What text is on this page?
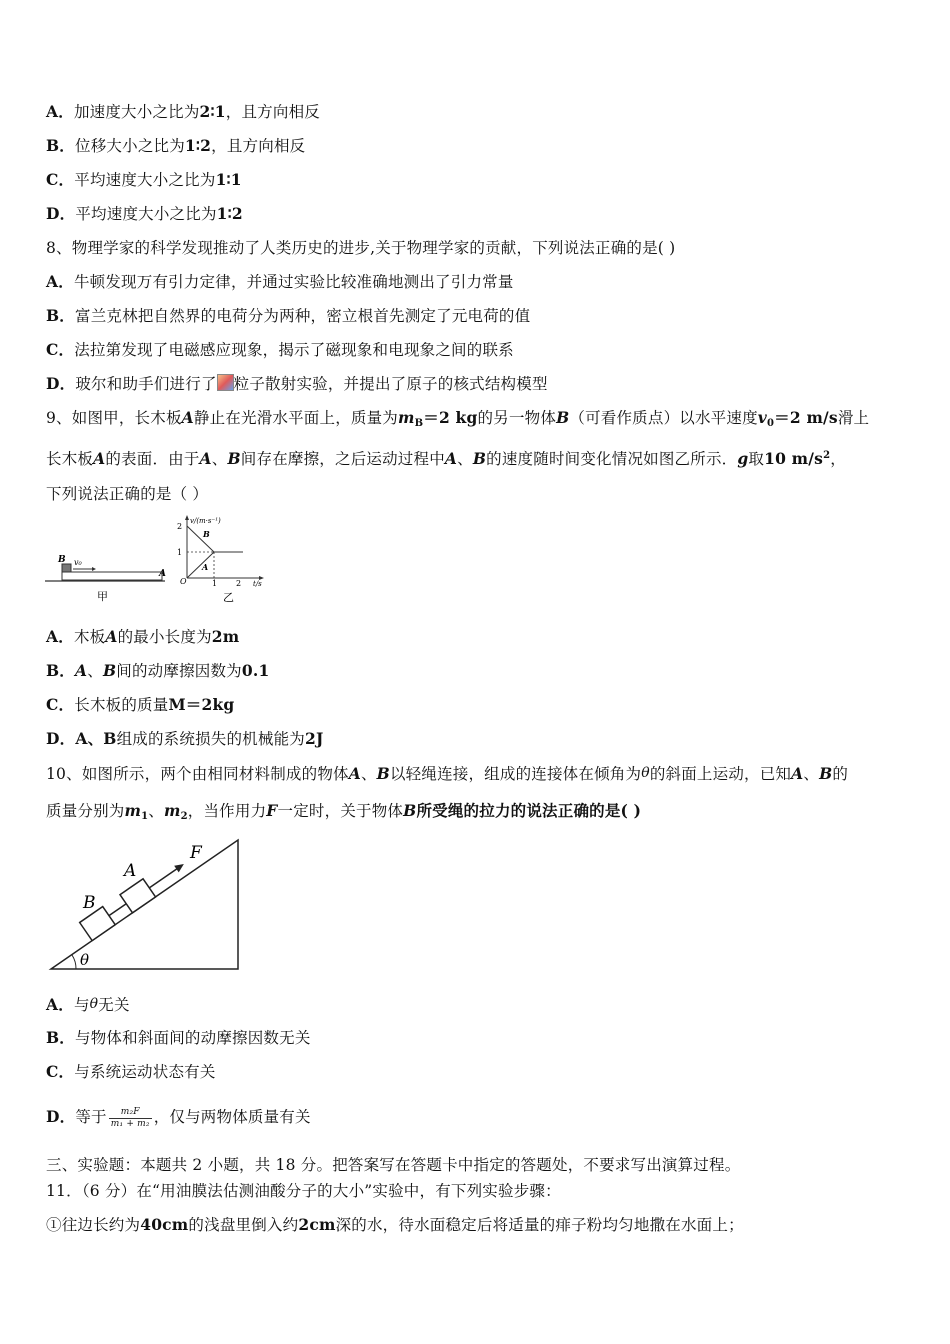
A．加速度大小之比为2∶1，且方向相反
B．位移大小之比为1∶2，且方向相反
C．平均速度大小之比为1∶1
D．平均速度大小之比为1∶2
8、物理学家的科学发现推动了人类历史的进步,关于物理学家的贡献，下列说法正确的是( )
A．牛顿发现万有引力定律，并通过实验比较准确地测出了引力常量
B．富兰克林把自然界的电荷分为两种，密立根首先测定了元电荷的值
C．法拉第发现了电磁感应现象，揭示了磁现象和电现象之间的联系
D．玻尔和助手们进行了 粒子散射实验，并提出了原子的核式结构模型
9、如图甲，长木板A静止在光滑水平面上，质量为$m_B=2$ kg的另一物体B（可看作质点）以水平速度$v_0=2$ m/s滑上
长木板A的表面．由于A、B间存在摩擦，之后运动过程中A、B的速度随时间变化情况如图乙所示．g取10 $m/s^2$，
下列说法正确的是（ ）
B v₀
A
甲
v/(m·s⁻¹)
2
1
O	1 2 t/s
B
A
乙
A．木板A的最小长度为2m
B．A、B间的动摩擦因数为0.1
C．长木板的质量M＝2kg
D．A、B组成的系统损失的机械能为2J
10、如图所示，两个由相同材料制成的物体A、B以轻绳连接，组成的连接体在倾角为θ的斜面上运动，已知A、B的
质量分别为$m_1$、$m_2$，当作用力F一定时，关于物体B所受绳的拉力的说法正确的是( )
θ
B
A
F
A．与θ无关
B．与物体和斜面间的动摩擦因数无关
C．与系统运动状态有关
D．等于 $\frac{\text{m₂F}}{\text{m₁ + m₂}}$ ，仅与两物体质量有关
三、实验题：本题共 2 小题，共 18 分。把答案写在答题卡中指定的答题处，不要求写出演算过程。
11．（6 分）在“用油膜法估测油酸分子的大小”实验中，有下列实验步骤：
①往边长约为40cm的浅盘里倒入约2cm深的水，待水面稳定后将适量的痱子粉均匀地撒在水面上；
